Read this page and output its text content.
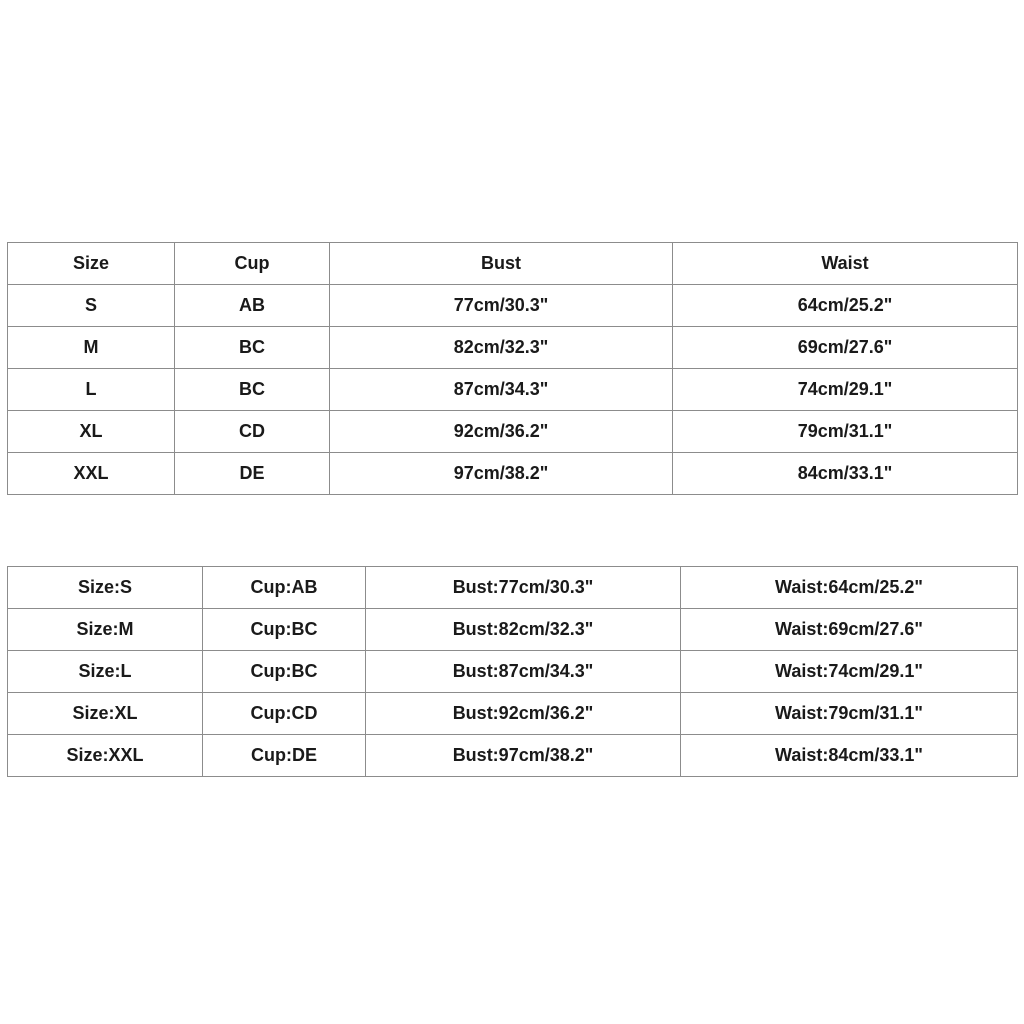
Size	Cup	Bust	Waist
S	AB	77cm/30.3"	64cm/25.2"
M	BC	82cm/32.3"	69cm/27.6"
L	BC	87cm/34.3"	74cm/29.1"
XL	CD	92cm/36.2"	79cm/31.1"
XXL	DE	97cm/38.2"	84cm/33.1"
Size:S	Cup:AB	Bust:77cm/30.3"	Waist:64cm/25.2"
Size:M	Cup:BC	Bust:82cm/32.3"	Waist:69cm/27.6"
Size:L	Cup:BC	Bust:87cm/34.3"	Waist:74cm/29.1"
Size:XL	Cup:CD	Bust:92cm/36.2"	Waist:79cm/31.1"
Size:XXL	Cup:DE	Bust:97cm/38.2"	Waist:84cm/33.1"
